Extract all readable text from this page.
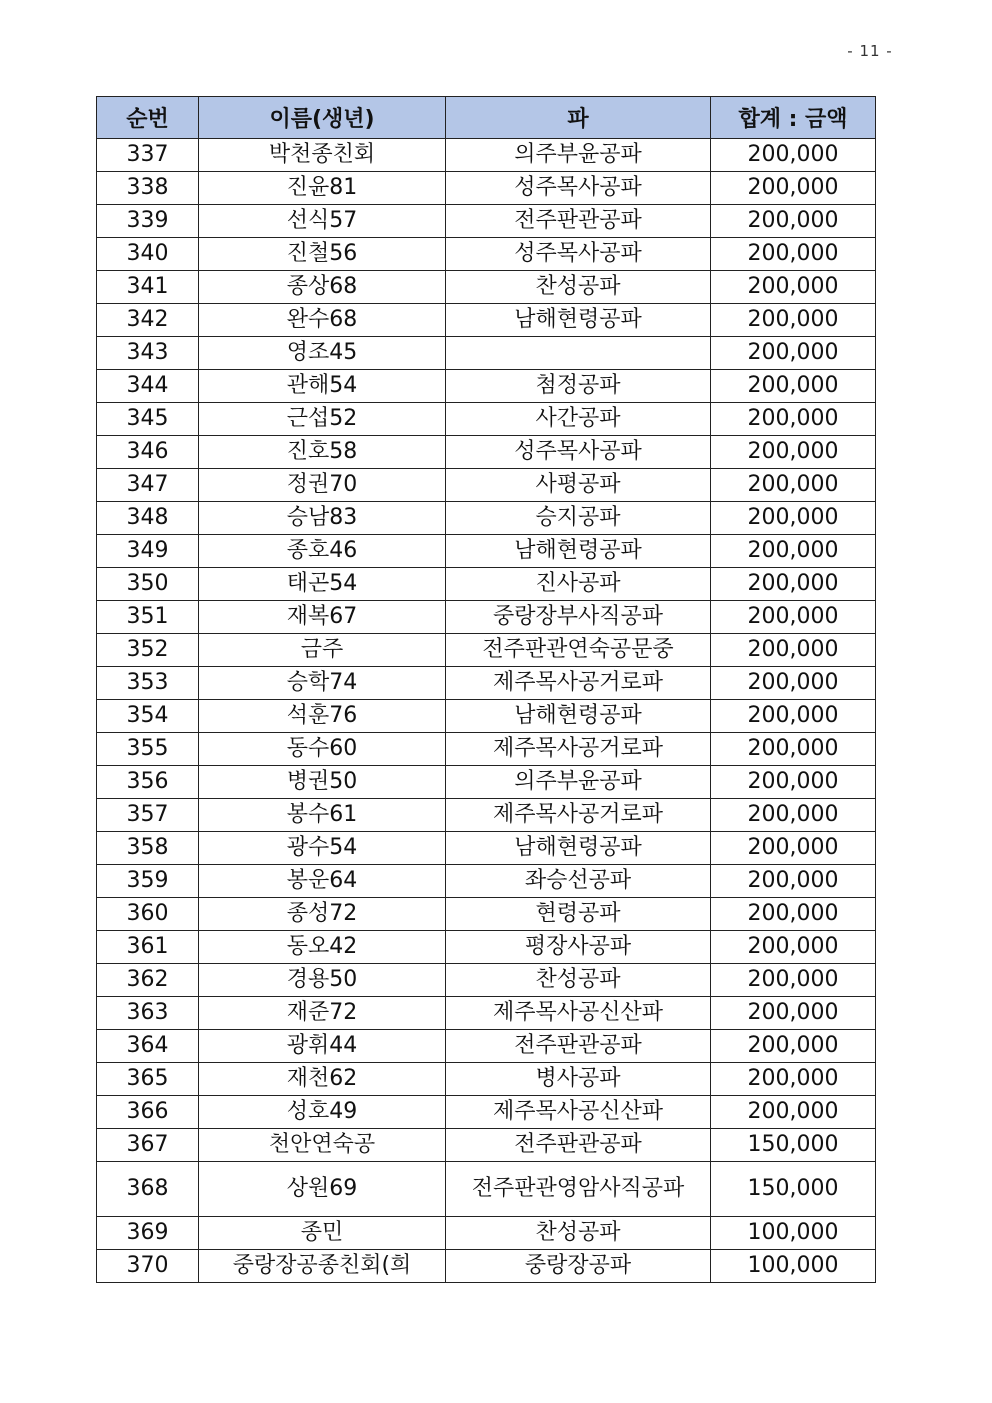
- 11 -
순번	이름(생년)	파	합계 : 금액
337	박천종친회	의주부윤공파	200,000
338	진윤81	성주목사공파	200,000
339	선식57	전주판관공파	200,000
340	진철56	성주목사공파	200,000
341	종상68	찬성공파	200,000
342	완수68	남해현령공파	200,000
343	영조45		200,000
344	관해54	첨정공파	200,000
345	근섭52	사간공파	200,000
346	진호58	성주목사공파	200,000
347	정권70	사평공파	200,000
348	승남83	승지공파	200,000
349	종호46	남해현령공파	200,000
350	태곤54	진사공파	200,000
351	재복67	중랑장부사직공파	200,000
352	금주	전주판관연숙공문중	200,000
353	승학74	제주목사공거로파	200,000
354	석훈76	남해현령공파	200,000
355	동수60	제주목사공거로파	200,000
356	병권50	의주부윤공파	200,000
357	봉수61	제주목사공거로파	200,000
358	광수54	남해현령공파	200,000
359	봉운64	좌승선공파	200,000
360	종성72	현령공파	200,000
361	동오42	평장사공파	200,000
362	경용50	찬성공파	200,000
363	재준72	제주목사공신산파	200,000
364	광휘44	전주판관공파	200,000
365	재천62	병사공파	200,000
366	성호49	제주목사공신산파	200,000
367	천안연숙공	전주판관공파	150,000
368	상원69	전주판관영암사직공파	150,000
369	종민	찬성공파	100,000
370	중랑장공종친회(희	중랑장공파	100,000
